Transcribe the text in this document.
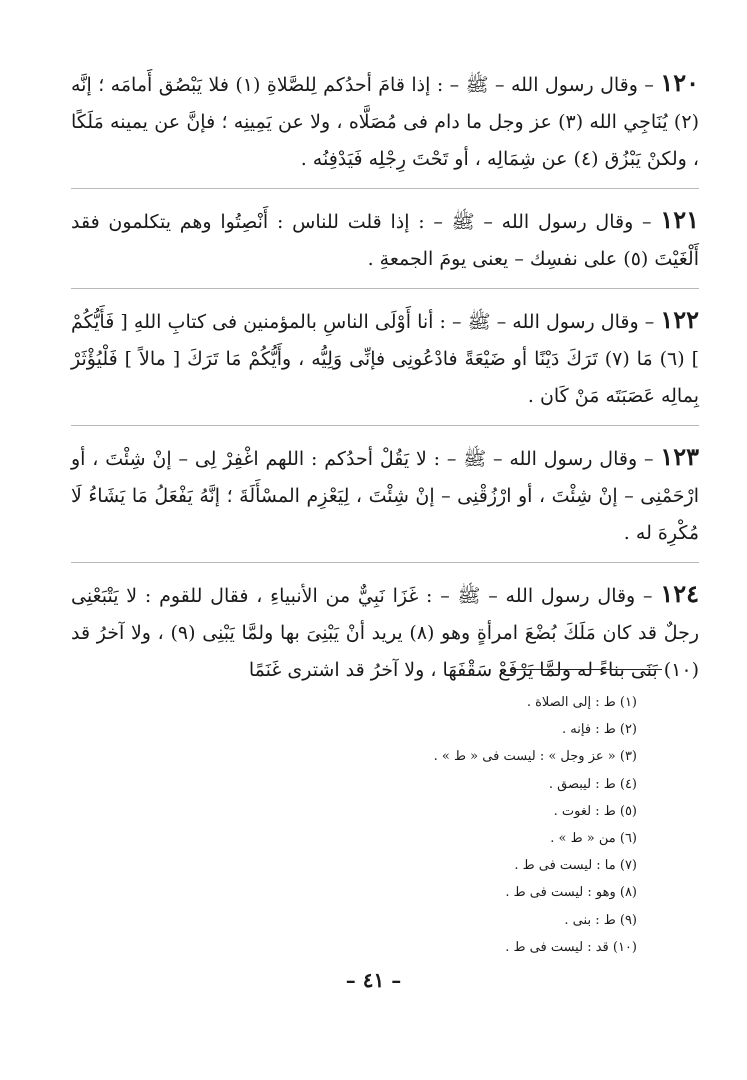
١٢٠ – وقال رسول الله – ﷺ – : إذا قامَ أحدُكم لِلصَّلاةِ (١) فلا يَبْصُق أَمامَه ؛ إنَّه (٢) يُنَاجِي الله (٣) عز وجل ما دام فى مُصَلَّاه ، ولا عن يَمِينِه ؛ فإنَّ عن يمينه مَلَكًا ، ولكنْ يَبْزُق (٤) عن شِمَالِه ، أو تَحْتَ رِجْلِه فَيَدْفِنُه .

١٢١ – وقال رسول الله – ﷺ – : إذا قلت للناس : أَنْصِتُوا وهم يتكلمون فقد أَلْغَيْتَ (٥) على نفسِك – يعنى يومَ الجمعةِ .

١٢٢ – وقال رسول الله – ﷺ – : أنا أَوْلَى الناسِ بالمؤمنين فى كتابِ اللهِ [ فَأَيُّكُمْ ] (٦) مَا (٧) تَرَكَ دَيْنًا أو ضَيْعَةً فادْعُونِى فإنِّى وَلِيُّه ، وأَيُّكُمْ مَا تَرَكَ [ مالاً ] فَلْيُؤْثَرْ بِمالِه عَصَبَتَه مَنْ كَان .

١٢٣ – وقال رسول الله – ﷺ – : لا يَقُلْ أحدُكم : اللهم اغْفِرْ لِى – إنْ شِئْتَ ، أو ارْحَمْنِى – إنْ شِئْتَ ، أو ارْزُقْنِى – إنْ شِئْتَ ، لِيَعْزِم المسْأَلَةَ ؛ إنَّهُ يَفْعَلُ مَا يَشَاءُ لَا مُكْرِهَ له .

١٢٤ – وقال رسول الله – ﷺ – : غَزَا نَبِيٌّ من الأنبياءِ ، فقال للقوم : لا يَتْبَعْنِى رجلٌ قد كان مَلَكَ بُضْعَ امرأةٍ وهو (٨) يريد أنْ يَبْنِىَ بها ولمَّا يَبْنِى (٩) ، ولا آخرُ قد (١٠) بَنَى بناءً له ولمَّا يَرْفَعْ سَقْفَهَا ، ولا آخرُ قد اشترى غَنَمًا

(١) ط : إلى الصلاة .
(٢) ط : فإنه .
(٣) « عز وجل » : ليست فى « ط » .
(٤) ط : ليبصق .
(٥) ط : لغوت .
(٦) من « ط » .
(٧) ما : ليست فى ط .
(٨) وهو : ليست فى ط .
(٩) ط : بنى .
(١٠) قد : ليست فى ط .
– ٤١ –
